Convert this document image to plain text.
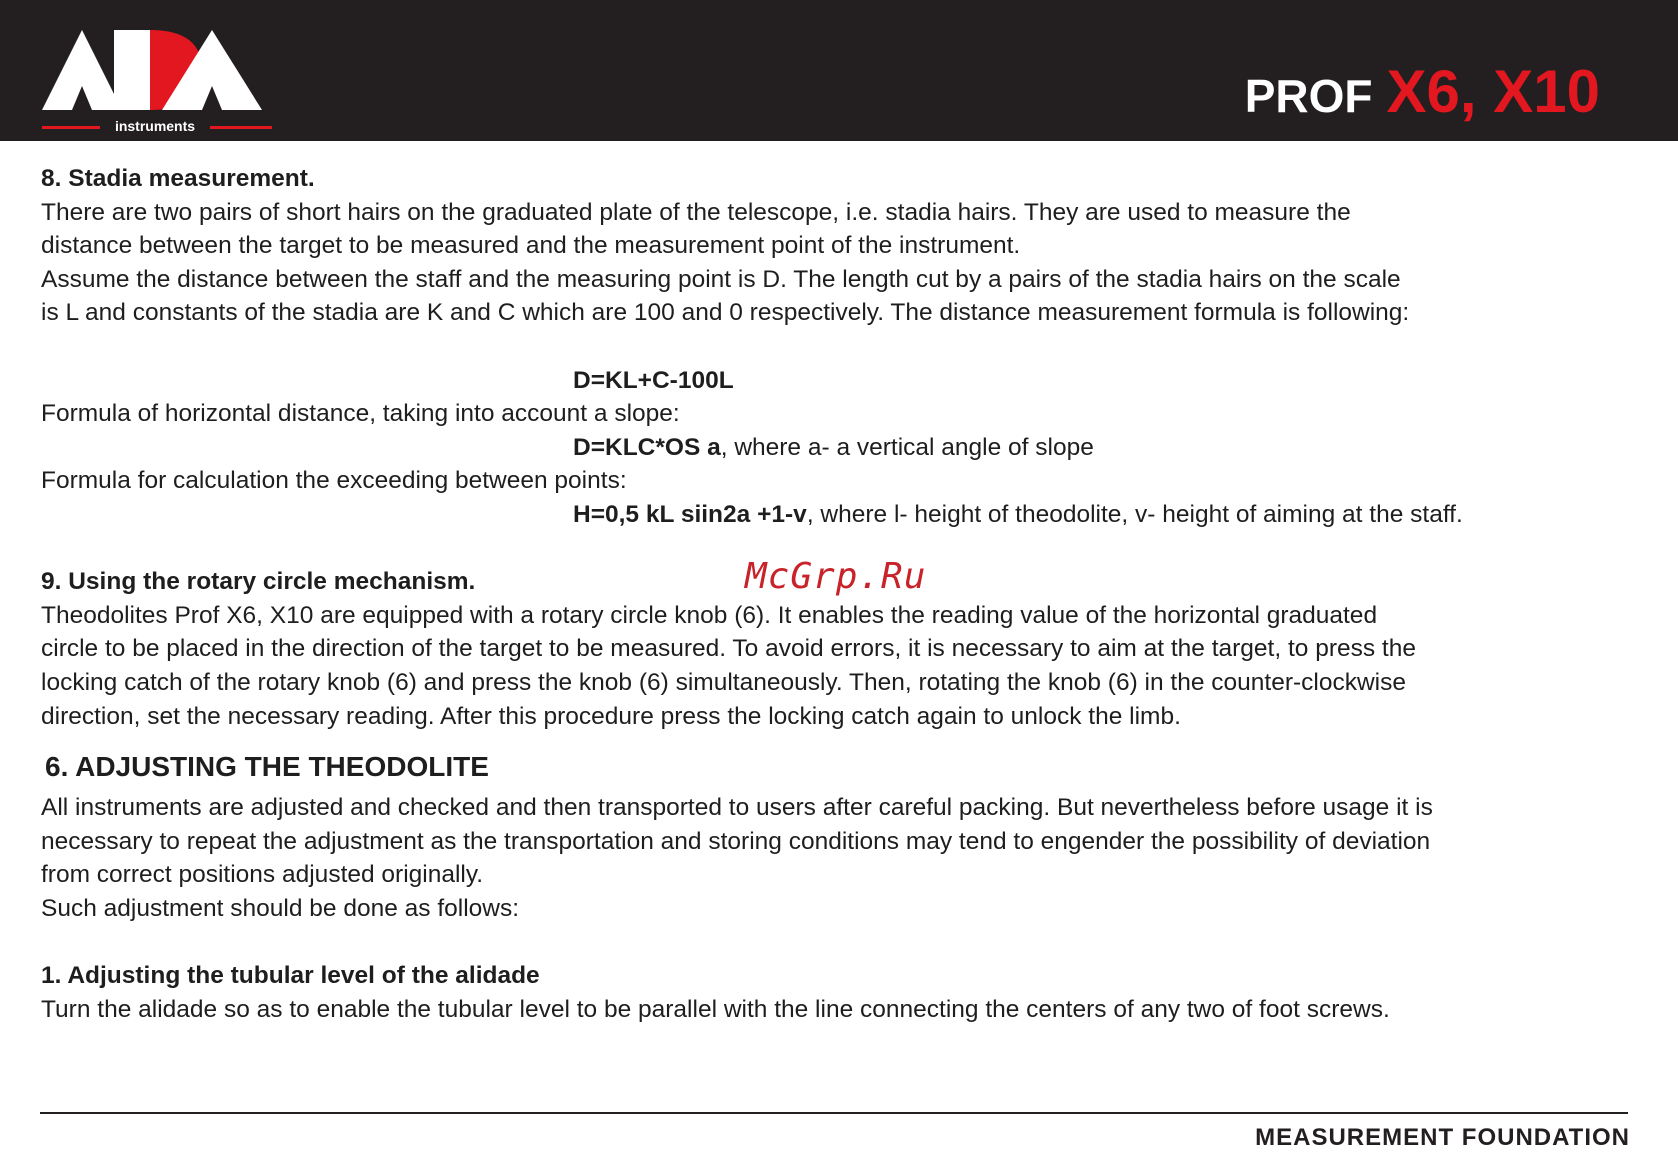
instruments
PROF X6, X10
8. Stadia measurement.
There are two pairs of short hairs on the graduated plate of the telescope, i.e. stadia hairs. They are used to measure the
distance between the target to be measured and the measurement point of the instrument.
Assume the distance between the staff and the measuring point is D. The length cut by a pairs of the stadia hairs on the scale
is L and constants of the stadia are K and C which are 100 and 0 respectively. The distance measurement formula is following:
D=KL+C-100L
Formula of horizontal distance, taking into account a slope:
D=KLC*OS a, where a- a vertical angle of slope
Formula for calculation the exceeding between points:
H=0,5 kL siin2a +1-v, where l- height of theodolite, v- height of aiming at the staff.
9. Using the rotary circle mechanism.
Theodolites Prof X6, X10 are equipped with a rotary circle knob (6). It enables the reading value of the horizontal graduated
circle to be placed in the direction of the target to be measured. To avoid errors, it is necessary to aim at the target, to press the
locking catch of the rotary knob (6) and press the knob (6) simultaneously. Then, rotating the knob (6) in the counter-clockwise
direction, set the necessary reading. After this procedure press the locking catch again to unlock the limb.
6. ADJUSTING THE THEODOLITE
All instruments are adjusted and checked and then transported to users after careful packing. But nevertheless before usage it is
necessary to repeat the adjustment as the transportation and storing conditions may tend to engender the possibility of deviation
from correct positions adjusted originally.
Such adjustment should be done as follows:
1. Adjusting the tubular level of the alidade
Turn the alidade so as to enable the tubular level to be parallel with the line connecting the centers of any two of foot screws.
McGrp.Ru
MEASUREMENT FOUNDATION
